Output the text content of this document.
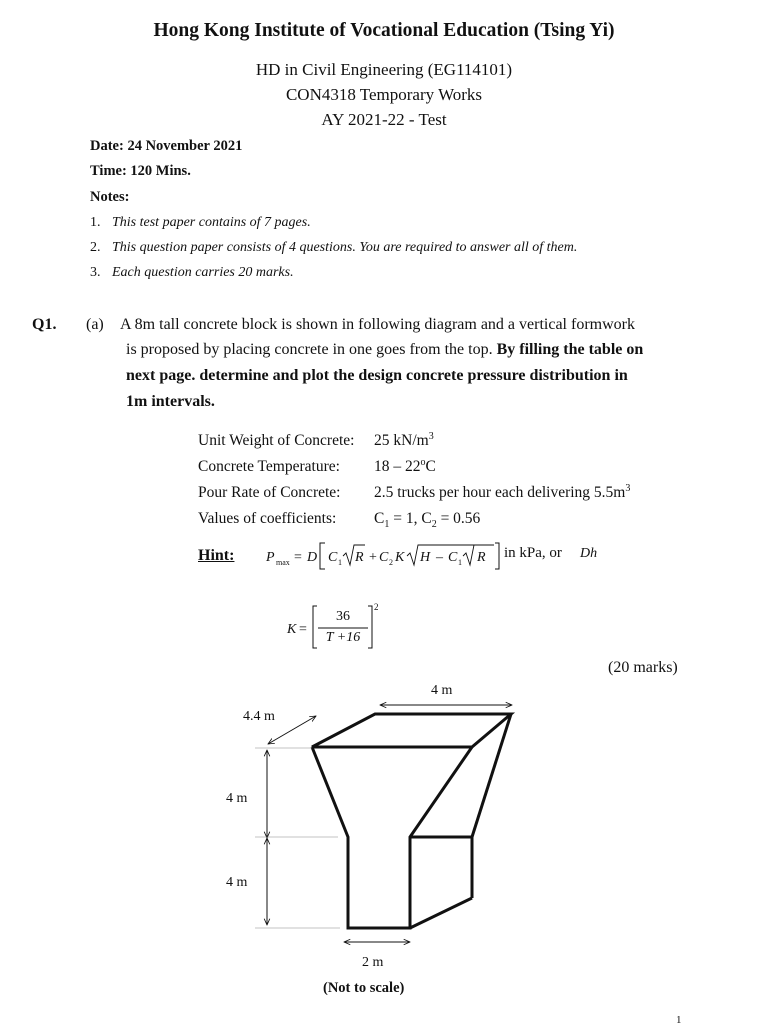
Hong Kong Institute of Vocational Education (Tsing Yi)
HD in Civil Engineering (EG114101)
CON4318 Temporary Works
AY 2021-22 - Test
Date: 24 November 2021
Time: 120 Mins.
Notes:
1. This test paper contains of 7 pages.
2. This question paper consists of 4 questions. You are required to answer all of them.
3. Each question carries 20 marks.
Q1. (a) A 8m tall concrete block is shown in following diagram and a vertical formwork
is proposed by placing concrete in one goes from the top. By filling the table on
next page. determine and plot the design concrete pressure distribution in
1m intervals.
Unit Weight of Concrete: 25 $kN/m^3$
Concrete Temperature: 18 – 22$^o$C
Pour Rate of Concrete: 2.5 trucks per hour each delivering $5.5m^3$
Values of coefficients: $C_1 = 1$, $C_2 = 0.56$
Hint: P max = D C 1 R + C 2 K H – C 1 R in kPa, or Dh
K =
2
36
T +16
(20 marks)
4 m
4.4 m
4 m
4 m
2 m
(Not to scale)
1
